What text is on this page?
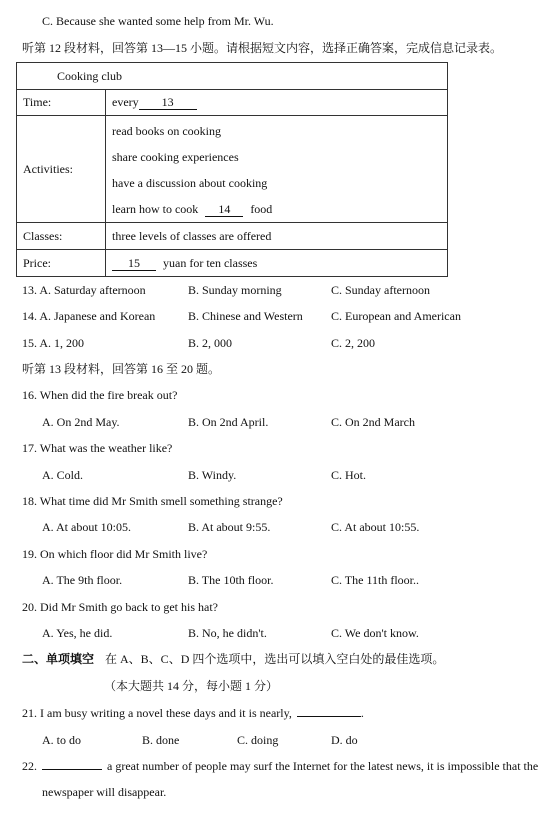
C. Because she wanted some help from Mr. Wu.
听第 12 段材料，回答第 13—15 小题。请根据短文内容，选择正确答案，完成信息记录表。
Cooking club	
Time:	every 13
Activities:	read books on cooking
share cooking experiences
have a discussion about cooking
learn how to cook 14 food

Classes:	three levels of classes are offered
Price:	15 yuan for ten classes
13. A. Saturday afternoon	B. Sunday morning	C. Sunday afternoon
14. A. Japanese and Korean	B. Chinese and Western C. European and American
15. A. 1, 200	B. 2, 000	C. 2, 200
听第 13 段材料，回答第 16 至 20 题。
16. When did the fire break out?
A. On 2nd May.	B. On 2nd April.	C. On 2nd March
17. What was the weather like?
A. Cold.	B. Windy.	C. Hot.
18. What time did Mr Smith smell something strange?
A. At about 10:05.	B. At about 9:55.	C. At about 10:55.
19. On which floor did Mr Smith live?
A. The 9th floor.	B. The 10th floor.	C. The 11th floor..
20. Did Mr Smith go back to get his hat?
A. Yes, he did.	B. No, he didn't.	C. We don't know.
二、单项填空 在 A、B、C、D 四个选项中，选出可以填入空白处的最佳选项。
（本大题共 14 分，每小题 1 分）
21. I am busy writing a novel these days and it is nearly,	.
A. to do	B. done	C. doing	D. do
22.	a great number of people may surf the Internet for the latest news, it is impossible that the
newspaper will disappear.
